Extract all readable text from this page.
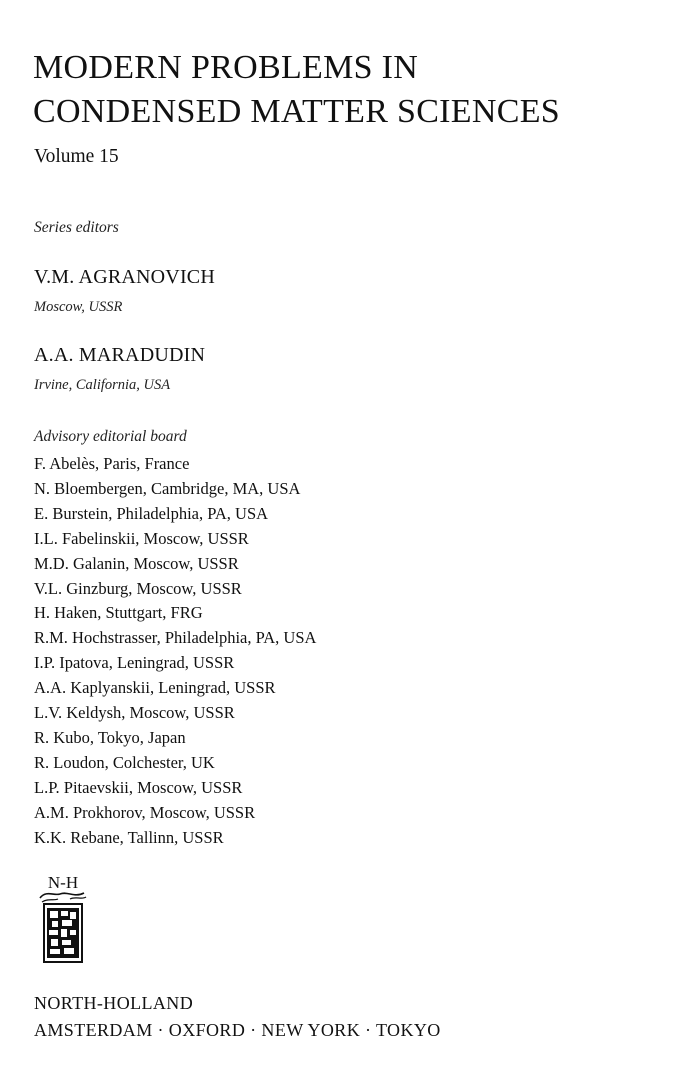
MODERN PROBLEMS IN
CONDENSED MATTER SCIENCES
Volume 15
Series editors
V.M. AGRANOVICH
Moscow, USSR
A.A. MARADUDIN
Irvine, California, USA
Advisory editorial board
F. Abelès, Paris, France
N. Bloembergen, Cambridge, MA, USA
E. Burstein, Philadelphia, PA, USA
I.L. Fabelinskii, Moscow, USSR
M.D. Galanin, Moscow, USSR
V.L. Ginzburg, Moscow, USSR
H. Haken, Stuttgart, FRG
R.M. Hochstrasser, Philadelphia, PA, USA
I.P. Ipatova, Leningrad, USSR
A.A. Kaplyanskii, Leningrad, USSR
L.V. Keldysh, Moscow, USSR
R. Kubo, Tokyo, Japan
R. Loudon, Colchester, UK
L.P. Pitaevskii, Moscow, USSR
A.M. Prokhorov, Moscow, USSR
K.K. Rebane, Tallinn, USSR
N-H
NORTH-HOLLAND
AMSTERDAM · OXFORD · NEW YORK · TOKYO
